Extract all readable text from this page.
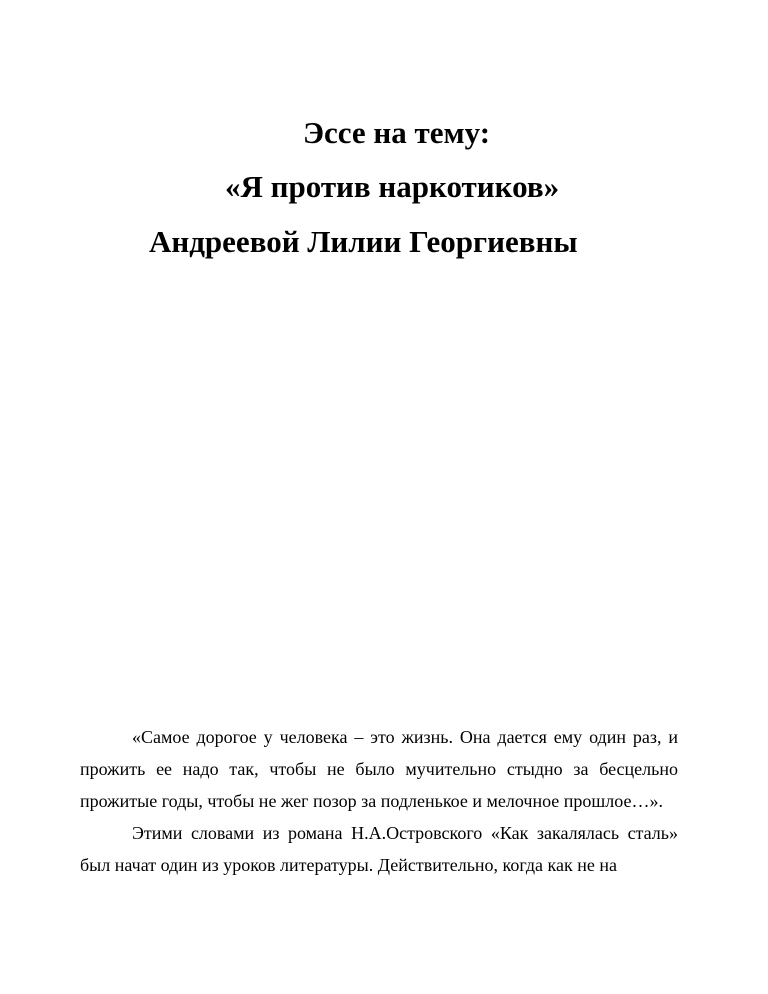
Эссе на тему:
«Я против наркотиков»
Андреевой Лилии Георгиевны

«Самое дорогое у человека – это жизнь. Она дается ему один раз, и прожить ее надо так, чтобы не было мучительно стыдно за бесцельно прожитые годы, чтобы не жег позор за подленькое и мелочное прошлое…».

Этими словами из романа Н.А.Островского «Как закалялась сталь» был начат один из уроков литературы. Действительно, когда как не на
